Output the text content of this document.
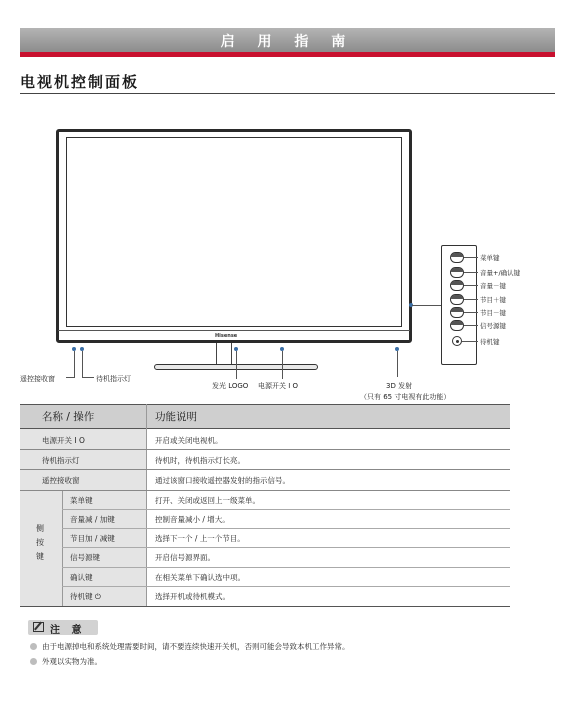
启 用 指 南
电视机控制面板
Hisense
遥控接收窗	待机指示灯
发光 LOGO 电源开关 I O	3D 发射
（只有 65 寸电视有此功能）
菜单键
音量+/确认键
音量－键
节目＋键
节目－键
信号源键
待机键
名称 / 操作	功能说明
电源开关 I O	开启或关闭电视机。
待机指示灯	待机时，待机指示灯长亮。
遥控接收窗	通过该窗口接收遥控器发射的指示信号。
侧按键
菜单键	打开、关闭或返回上一级菜单。
音量减 / 加键	控制音量减小 / 增大。
节目加 / 减键	选择下一个 / 上一个节目。
信号源键	开启信号源界面。
确认键	在相关菜单下确认选中项。
待机键 ⏻	选择开机或待机模式。
注 意
由于电源掉电和系统处理需要时间，请不要连续快速开关机，否则可能会导致本机工作异常。
外观以实物为准。
